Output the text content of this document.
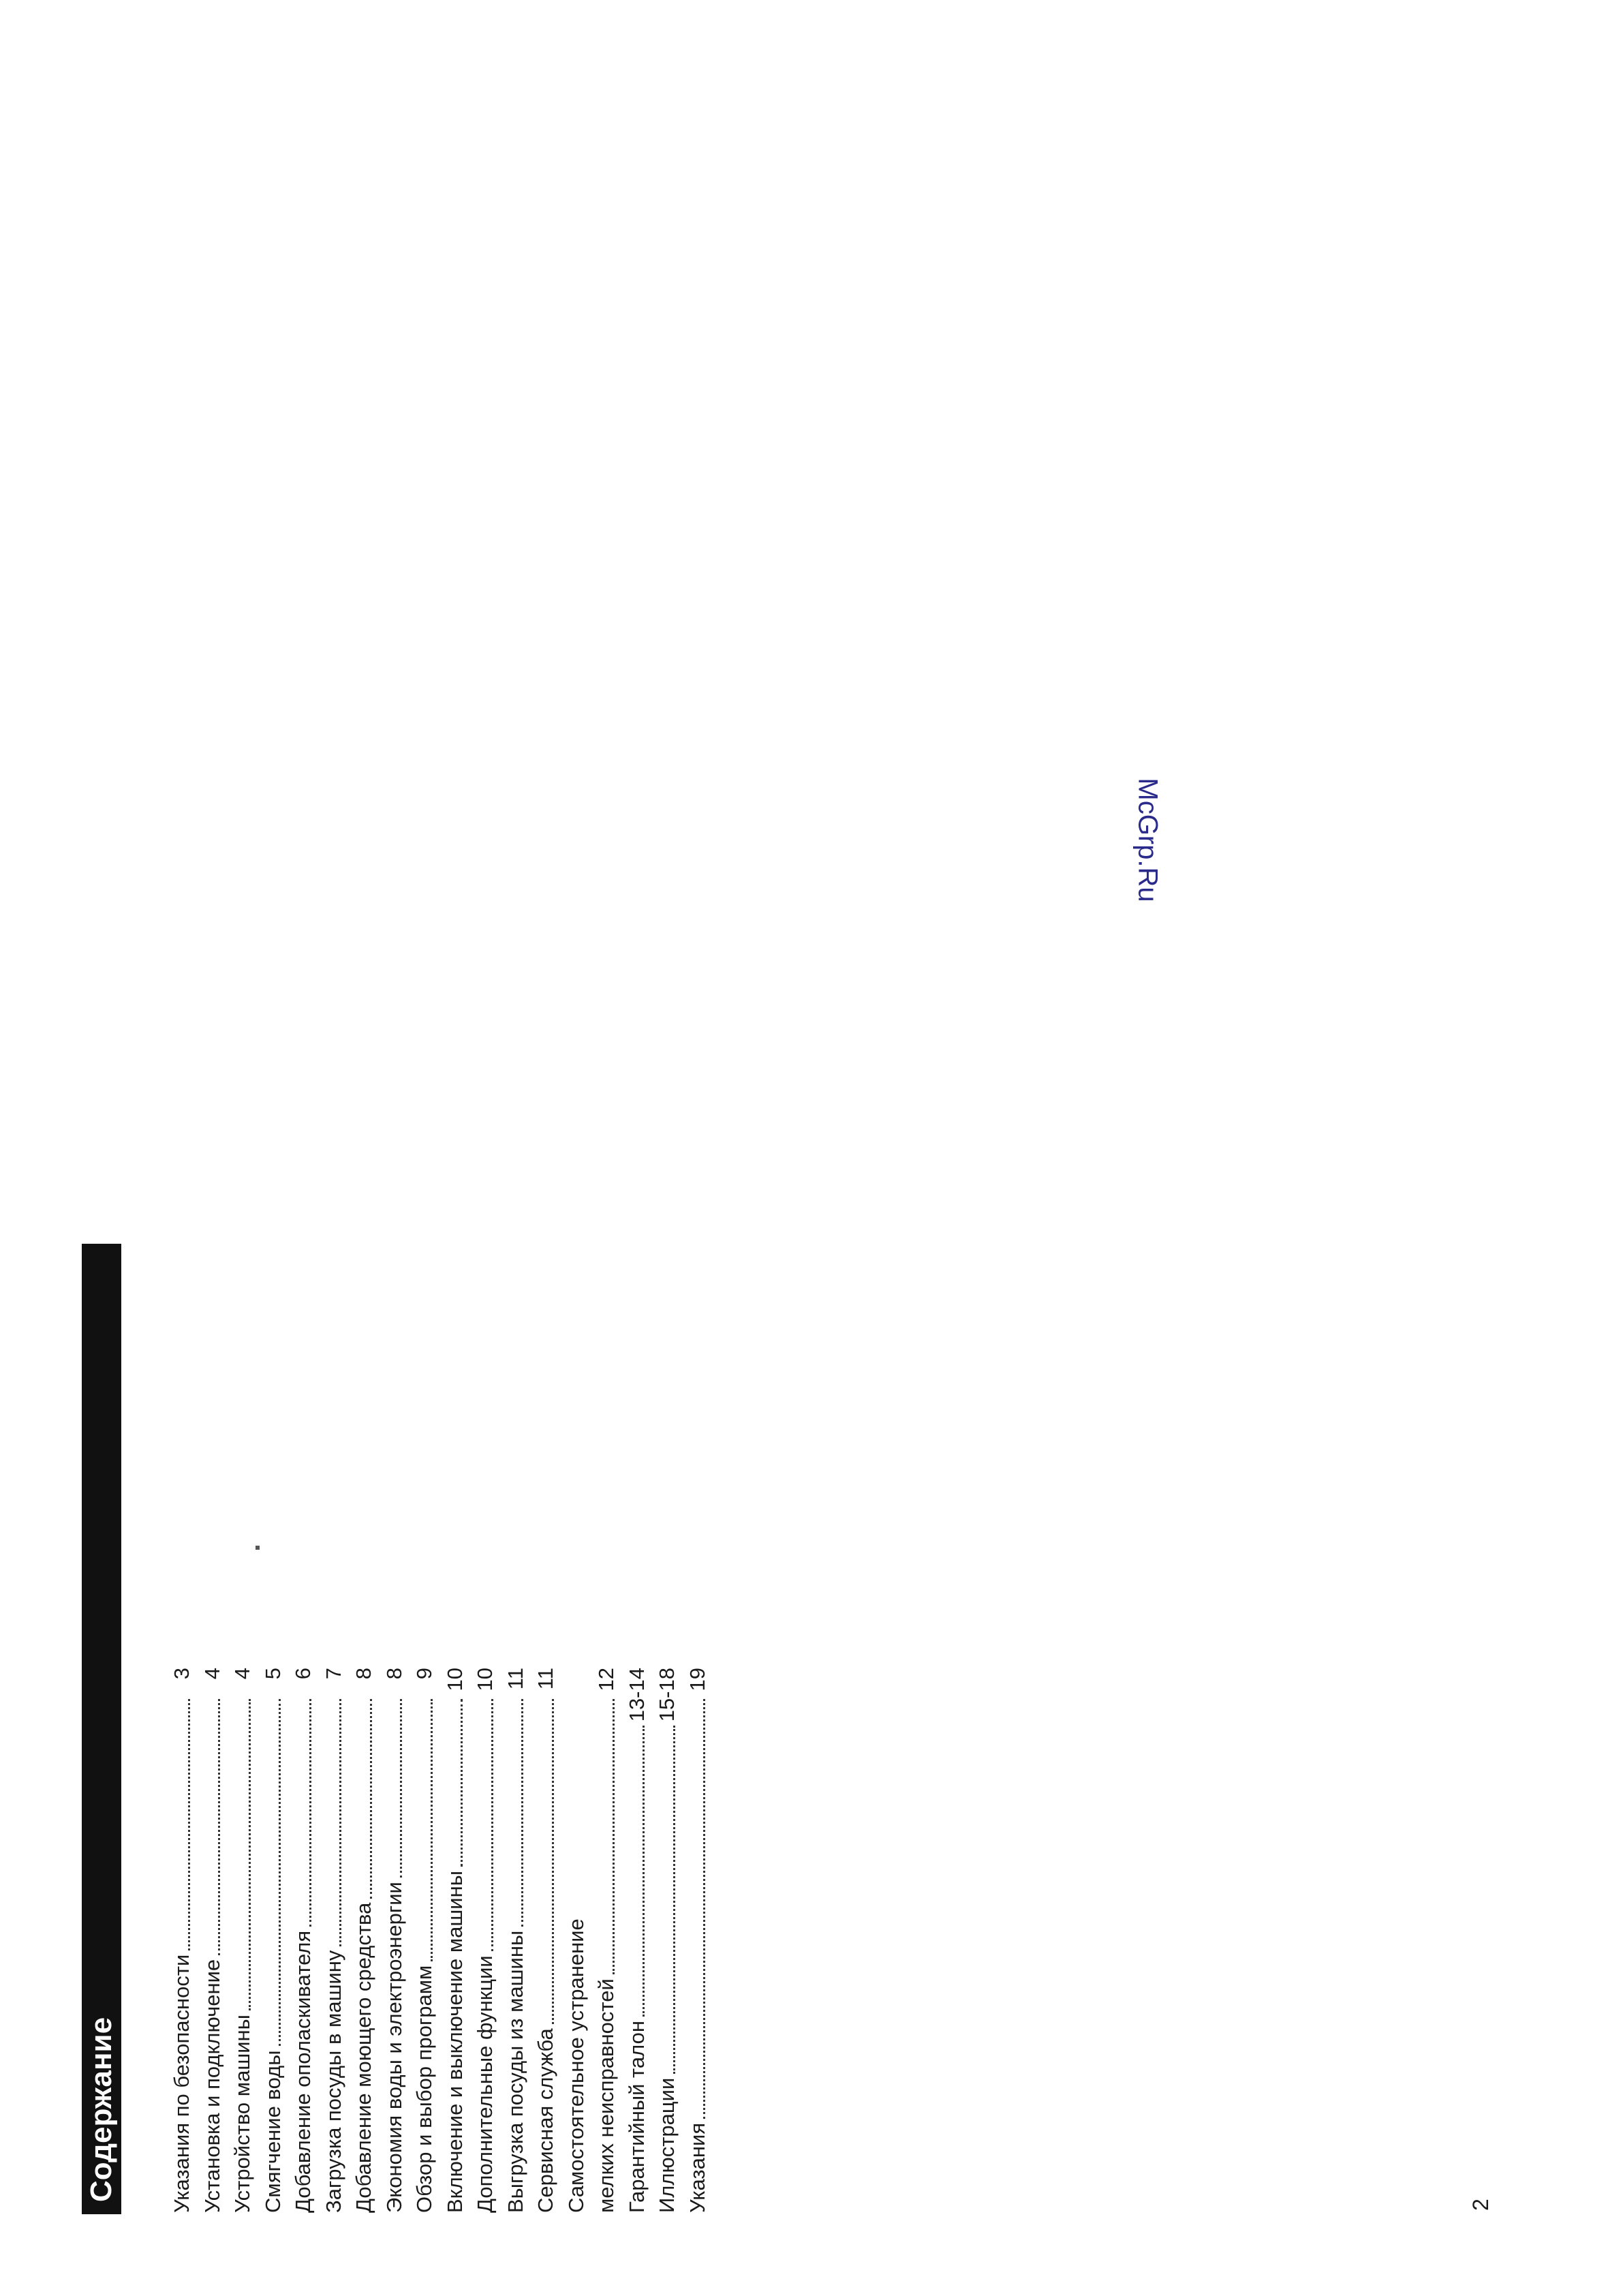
Содержание Указания по безопасности
3
Установка и подключение
4
Устройство машины
4
Смягчение воды
5
Добавление ополаскивателя
6
Загрузка посуды в машину
7
Добавление моющего средства
8
Экономия воды и электроэнергии
8
Обзор и выбор программ
9
Включение и выключение машины
10
Дополнительные функции
10
Выгрузка посуды из машины
11
Сервисная служба
11
Самостоятельное устранение мелких неисправностей
12
Гарантийный талон
13-14
Иллюстрации
15-18
Указания
19
2

McGrp.Ru
